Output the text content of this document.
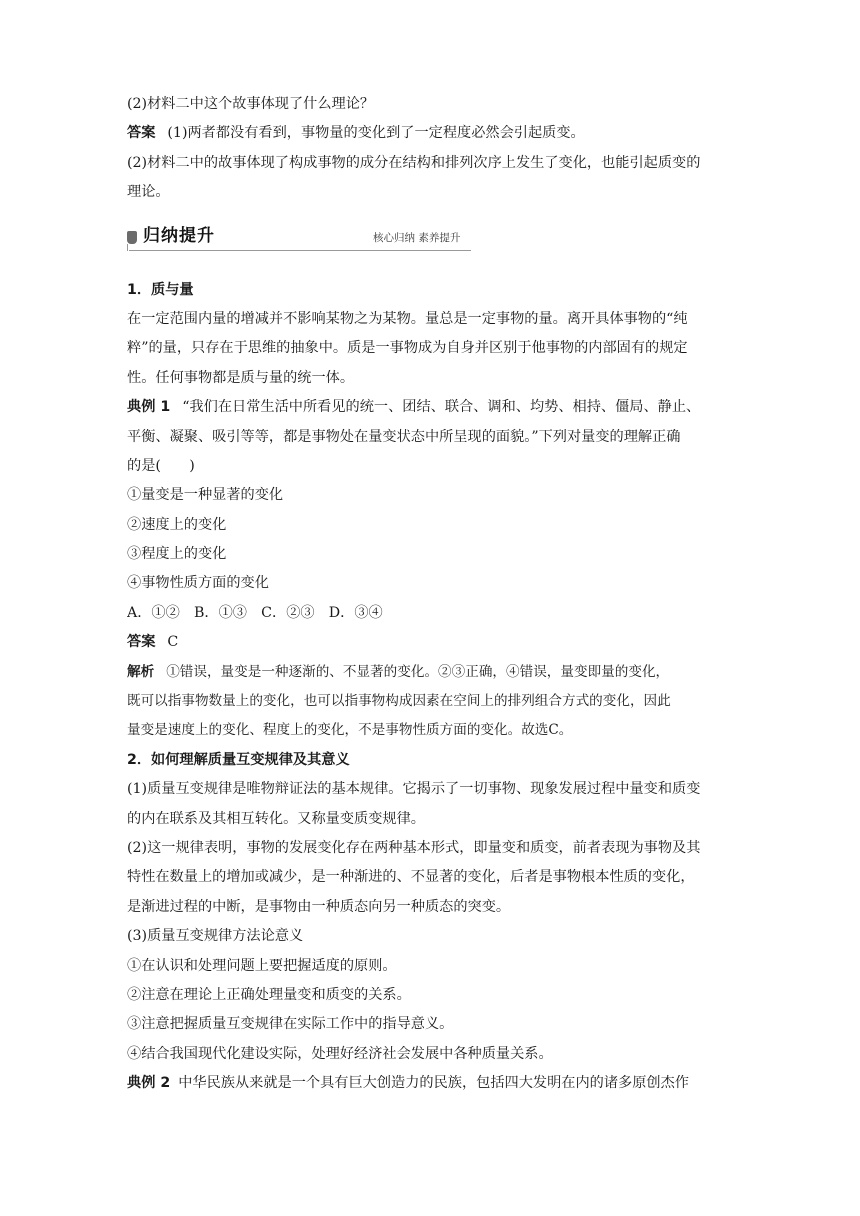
(2)材料二中这个故事体现了什么理论？
答案 (1)两者都没有看到，事物量的变化到了一定程度必然会引起质变。
(2)材料二中的故事体现了构成事物的成分在结构和排列次序上发生了变化，也能引起质变的
理论。
归纳提升	核心归纳 素养提升
1．质与量
在一定范围内量的增减并不影响某物之为某物。量总是一定事物的量。离开具体事物的“纯
粹”的量，只存在于思维的抽象中。质是一事物成为自身并区别于他事物的内部固有的规定
性。任何事物都是质与量的统一体。
典例 1 “我们在日常生活中所看见的统一、团结、联合、调和、均势、相持、僵局、静止、
平衡、凝聚、吸引等等，都是事物处在量变状态中所呈现的面貌。”下列对量变的理解正确
的是(　　)
①量变是一种显著的变化
②速度上的变化
③程度上的变化
④事物性质方面的变化
A．①②　B．①③　C．②③　D．③④
答案 C
解析 ①错误，量变是一种逐渐的、不显著的变化。②③正确，④错误，量变即量的变化，
既可以指事物数量上的变化，也可以指事物构成因素在空间上的排列组合方式的变化，因此
量变是速度上的变化、程度上的变化，不是事物性质方面的变化。故选C。
2．如何理解质量互变规律及其意义
(1)质量互变规律是唯物辩证法的基本规律。它揭示了一切事物、现象发展过程中量变和质变
的内在联系及其相互转化。又称量变质变规律。
(2)这一规律表明，事物的发展变化存在两种基本形式，即量变和质变，前者表现为事物及其
特性在数量上的增加或减少，是一种渐进的、不显著的变化，后者是事物根本性质的变化，
是渐进过程的中断，是事物由一种质态向另一种质态的突变。
(3)质量互变规律方法论意义
①在认识和处理问题上要把握适度的原则。
②注意在理论上正确处理量变和质变的关系。
③注意把握质量互变规律在实际工作中的指导意义。
④结合我国现代化建设实际，处理好经济社会发展中各种质量关系。
典例 2 中华民族从来就是一个具有巨大创造力的民族，包括四大发明在内的诸多原创杰作
